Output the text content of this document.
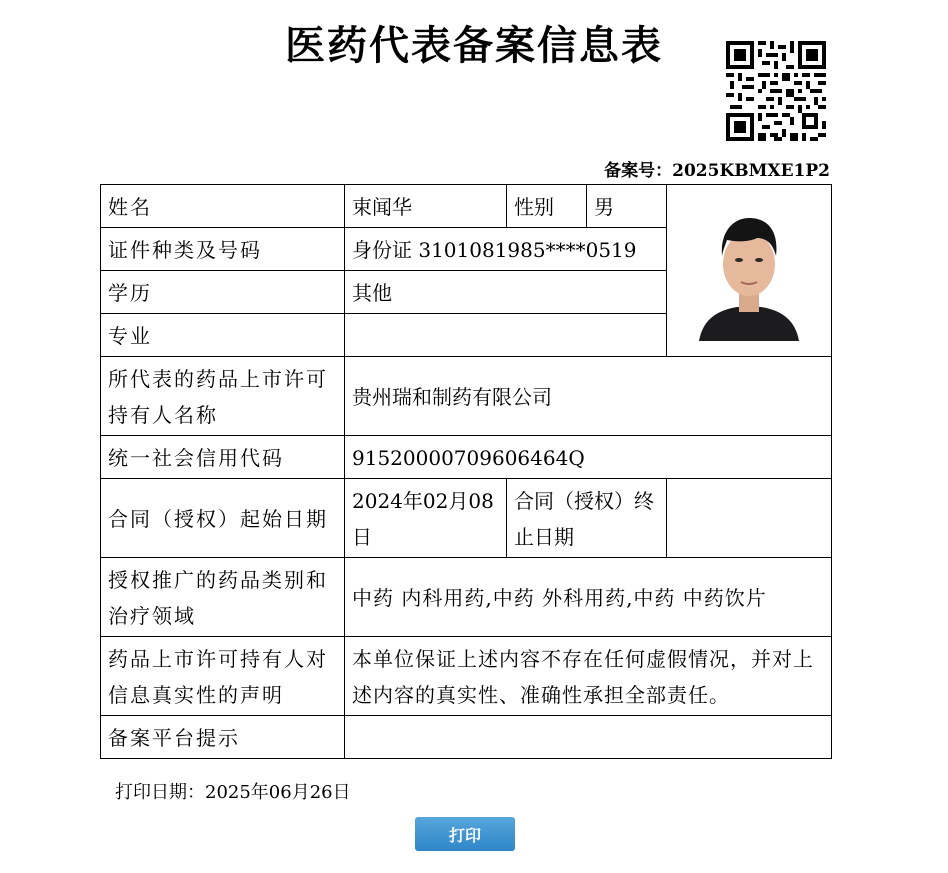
医药代表备案信息表
备案号：2025KBMXE1P2
姓名	束闻华	性别	男	
证件种类及号码	身份证 3101081985****0519			
学历	其他			
专业				
所代表的药品上市许可持有人名称	贵州瑞和制药有限公司			
统一社会信用代码	91520000709606464Q			
合同（授权）起始日期	2024年02月08日	合同（授权）终止日期		
授权推广的药品类别和治疗领域	中药 内科用药,中药 外科用药,中药 中药饮片			
药品上市许可持有人对信息真实性的声明	本单位保证上述内容不存在任何虚假情况，并对上述内容的真实性、准确性承担全部责任。			
备案平台提示				
打印日期：2025年06月26日
打印
